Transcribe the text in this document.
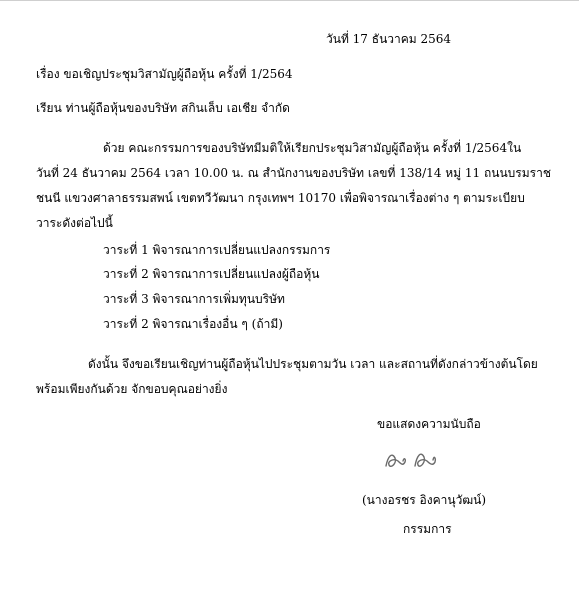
วันที่ 17 ธันวาคม 2564
เรื่อง ขอเชิญประชุมวิสามัญผู้ถือหุ้น ครั้งที่ 1/2564
เรียน ท่านผู้ถือหุ้นของบริษัท สกินเล็บ เอเชีย จำกัด
ด้วย คณะกรรมการของบริษัทมีมติให้เรียกประชุมวิสามัญผู้ถือหุ้น ครั้งที่ 1/2564ใน
วันที่ 24 ธันวาคม 2564 เวลา 10.00 น. ณ สำนักงานของบริษัท เลขที่ 138/14 หมู่ 11 ถนนบรมราช
ชนนี แขวงศาลาธรรมสพน์ เขตทวีวัฒนา กรุงเทพฯ 10170 เพื่อพิจารณาเรื่องต่าง ๆ ตามระเบียบ
วาระดังต่อไปนี้
วาระที่ 1 พิจารณาการเปลี่ยนแปลงกรรมการ
วาระที่ 2 พิจารณาการเปลี่ยนแปลงผู้ถือหุ้น
วาระที่ 3 พิจารณาการเพิ่มทุนบริษัท
วาระที่ 2 พิจารณาเรื่องอื่น ๆ (ถ้ามี)
ดังนั้น จึงขอเรียนเชิญท่านผู้ถือหุ้นไปประชุมตามวัน เวลา และสถานที่ดังกล่าวข้างต้นโดย
พร้อมเพียงกันด้วย จักขอบคุณอย่างยิ่ง
ขอแสดงความนับถือ
(นางอรชร อิงคานุวัฒน์)
กรรมการ
